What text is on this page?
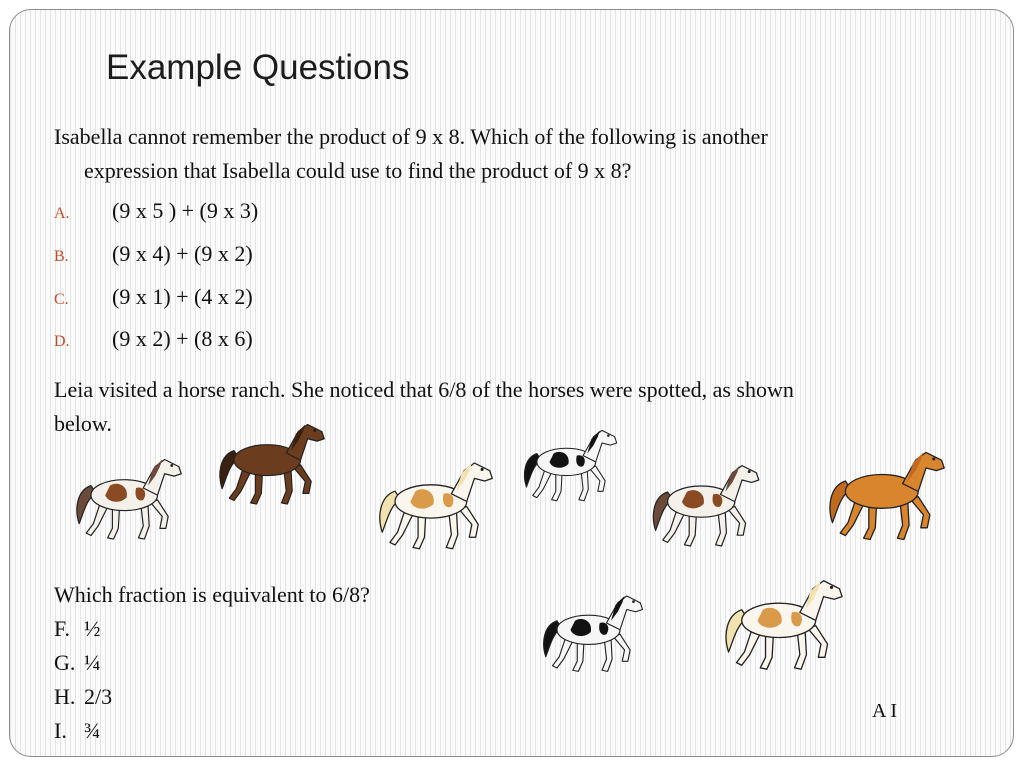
Example Questions
Isabella cannot remember the product of 9 x 8. Which of the following is another
expression that Isabella could use to find the product of 9 x 8?
A. (9 x 5 ) + (9 x 3)
B. (9 x 4) + (9 x 2)
C. (9 x 1) + (4 x 2)
D. (9 x 2) + (8 x 6)
Leia visited a horse ranch. She noticed that 6/8 of the horses were spotted, as shown
below.
Which fraction is equivalent to 6/8?
F. ½
G. ¼
H. 2/3
I. ¾
A I
